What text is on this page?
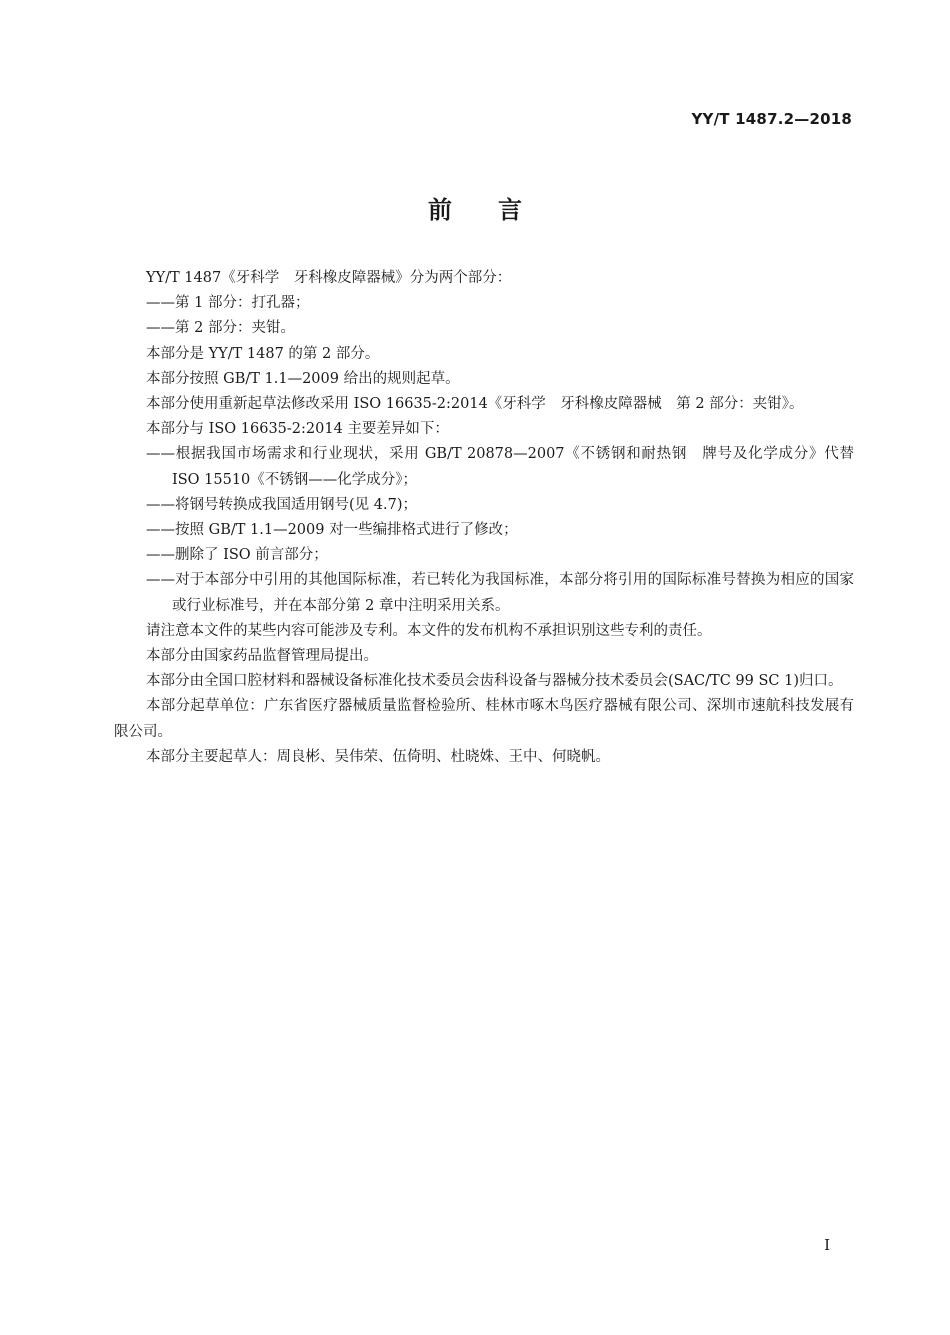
YY/T 1487.2—2018
前言

YY/T 1487《牙科学　牙科橡皮障器械》分为两个部分：

——第 1 部分：打孔器；

——第 2 部分：夹钳。

本部分是 YY/T 1487 的第 2 部分。

本部分按照 GB/T 1.1—2009 给出的规则起草。

本部分使用重新起草法修改采用 ISO 16635-2:2014《牙科学　牙科橡皮障器械　第 2 部分：夹钳》。

本部分与 ISO 16635-2:2014 主要差异如下：

——根据我国市场需求和行业现状，采用 GB/T 20878—2007《不锈钢和耐热钢　牌号及化学成分》代替 ISO 15510《不锈钢——化学成分》；

——将钢号转换成我国适用钢号(见 4.7)；

——按照 GB/T 1.1—2009 对一些编排格式进行了修改；

——删除了 ISO 前言部分；

——对于本部分中引用的其他国际标准，若已转化为我国标准，本部分将引用的国际标准号替换为相应的国家或行业标准号，并在本部分第 2 章中注明采用关系。

请注意本文件的某些内容可能涉及专利。本文件的发布机构不承担识别这些专利的责任。

本部分由国家药品监督管理局提出。

本部分由全国口腔材料和器械设备标准化技术委员会齿科设备与器械分技术委员会(SAC/TC 99 SC 1)归口。

本部分起草单位：广东省医疗器械质量监督检验所、桂林市啄木鸟医疗器械有限公司、深圳市速航科技发展有限公司。

本部分主要起草人：周良彬、吴伟荣、伍倚明、杜晓姝、王中、何晓帆。

I
